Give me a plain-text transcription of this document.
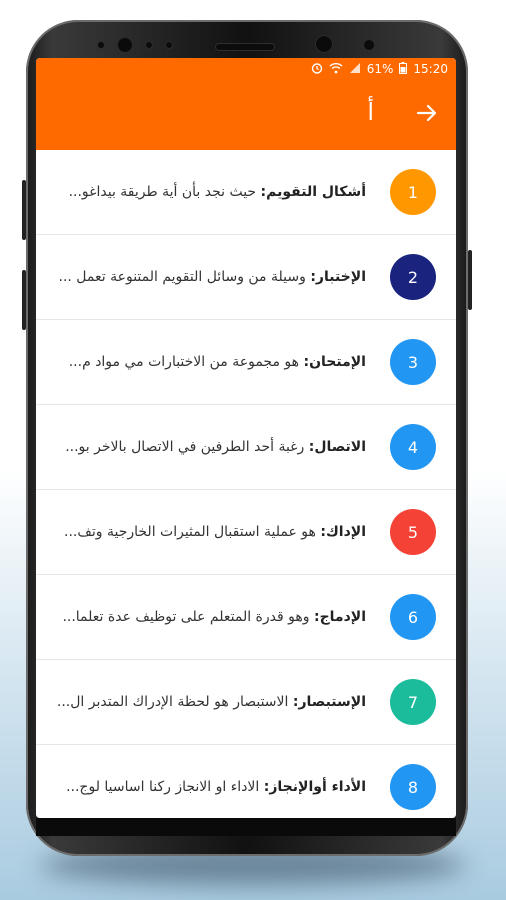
61% 15:20
أ
أشكال التقويم: حيث نجد بأن أية طريقة بيداغو...	1
الإختبار: وسيلة من وسائل التقويم المتنوعة تعمل ...	2
الإمتحان: هو مجموعة من الاختبارات مي مواد م...	3
الاتصال: رغبة أحد الطرفين في الاتصال بالاخر بو...	4
الإداك: هو عملية استقبال المثيرات الخارجية وتف...	5
الإدماج: وهو قدرة المتعلم على توظيف عدة تعلما...	6
الإستبصار: الاستبصار هو لحظة الإدراك المتدبر ال...	7
الأداء أوالإنجاز: الاداء او الانجاز ركنا اساسيا لوج...	8
